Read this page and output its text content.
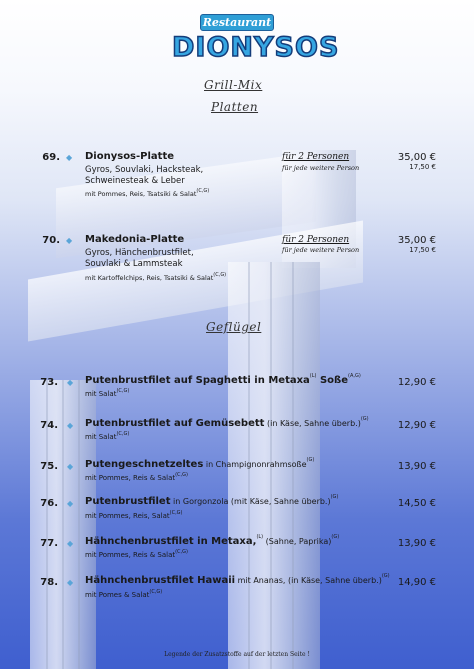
Restaurant
DIONYSOS
Grill-Mix
Platten
69. ◆ Dionysos-Platte
Gyros, Souvlaki, Hacksteak,
Schweinesteak & Leber
mit Pommes, Reis, Tsatsiki & Salat$^{(C,G)}$
für 2 Personen
für jede weitere Person
35,00 €
17,50 €
70. ◆ Makedonia-Platte
Gyros, Hänchenbrustfilet,
Souvlaki & Lammsteak
mit Kartoffelchips, Reis, Tsatsiki & Salat$^{(C,G)}$
für 2 Personen
für jede weitere Person
35,00 €
17,50 €
Geflügel
73. ◆ Putenbrustfilet auf Spaghetti in Metaxa$^{(L)}$ Soße$^{(A,G)}$
mit Salat$^{(C,G)}$
12,90 €
74. ◆ Putenbrustfilet auf Gemüsebett (in Käse, Sahne überb.)$^{(G)}$
mit Salat$^{(C,G)}$
12,90 €
75. ◆ Putengeschnetzeltes in Champignonrahmsoße$^{(G)}$
mit Pommes, Reis & Salat$^{(C,G)}$
13,90 €
76. ◆ Putenbrustfilet in Gorgonzola (mit Käse, Sahne überb.)$^{(G)}$
mit Pommes, Reis, Salat$^{(C,G)}$
14,50 €
77. ◆ Hähnchenbrustfilet in Metaxa,$^{(L)}$ (Sahne, Paprika)$^{(G)}$
mit Pommes, Reis & Salat$^{(C,G)}$
13,90 €
78. ◆ Hähnchenbrustfilet Hawaii mit Ananas, (in Käse, Sahne überb.)$^{(G)}$
mit Pomes & Salat$^{(C,G)}$
14,90 €
Legende der Zusatzstoffe auf der letzten Seite !
